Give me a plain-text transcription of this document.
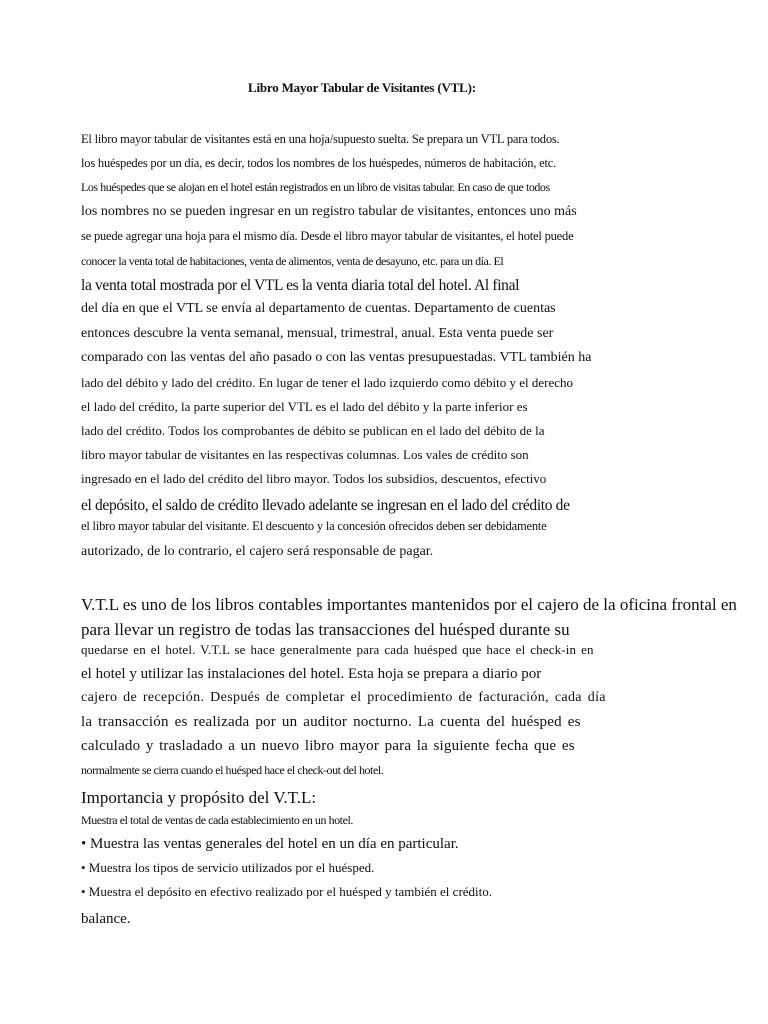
Libro Mayor Tabular de Visitantes (VTL):
El libro mayor tabular de visitantes está en una hoja/supuesto suelta. Se prepara un VTL para todos.
los huéspedes por un día, es decir, todos los nombres de los huéspedes, números de habitación, etc.
Los huéspedes que se alojan en el hotel están registrados en un libro de visitas tabular. En caso de que todos
los nombres no se pueden ingresar en un registro tabular de visitantes, entonces uno más
se puede agregar una hoja para el mismo día. Desde el libro mayor tabular de visitantes, el hotel puede
conocer la venta total de habitaciones, venta de alimentos, venta de desayuno, etc. para un día. El
la venta total mostrada por el VTL es la venta diaria total del hotel. Al final
del día en que el VTL se envía al departamento de cuentas. Departamento de cuentas
entonces descubre la venta semanal, mensual, trimestral, anual. Esta venta puede ser
comparado con las ventas del año pasado o con las ventas presupuestadas. VTL también ha
lado del débito y lado del crédito. En lugar de tener el lado izquierdo como débito y el derecho
el lado del crédito, la parte superior del VTL es el lado del débito y la parte inferior es
lado del crédito. Todos los comprobantes de débito se publican en el lado del débito de la
libro mayor tabular de visitantes en las respectivas columnas. Los vales de crédito son
ingresado en el lado del crédito del libro mayor. Todos los subsidios, descuentos, efectivo
el depósito, el saldo de crédito llevado adelante se ingresan en el lado del crédito de
el libro mayor tabular del visitante. El descuento y la concesión ofrecidos deben ser debidamente
autorizado, de lo contrario, el cajero será responsable de pagar.
V.T.L es uno de los libros contables importantes mantenidos por el cajero de la oficina frontal en
para llevar un registro de todas las transacciones del huésped durante su
quedarse en el hotel. V.T.L se hace generalmente para cada huésped que hace el check-in en
el hotel y utilizar las instalaciones del hotel. Esta hoja se prepara a diario por
cajero de recepción. Después de completar el procedimiento de facturación, cada día
la transacción es realizada por un auditor nocturno. La cuenta del huésped es
calculado y trasladado a un nuevo libro mayor para la siguiente fecha que es
normalmente se cierra cuando el huésped hace el check-out del hotel.
Importancia y propósito del V.T.L:
Muestra el total de ventas de cada establecimiento en un hotel.
• Muestra las ventas generales del hotel en un día en particular.
• Muestra los tipos de servicio utilizados por el huésped.
• Muestra el depósito en efectivo realizado por el huésped y también el crédito.
balance.
